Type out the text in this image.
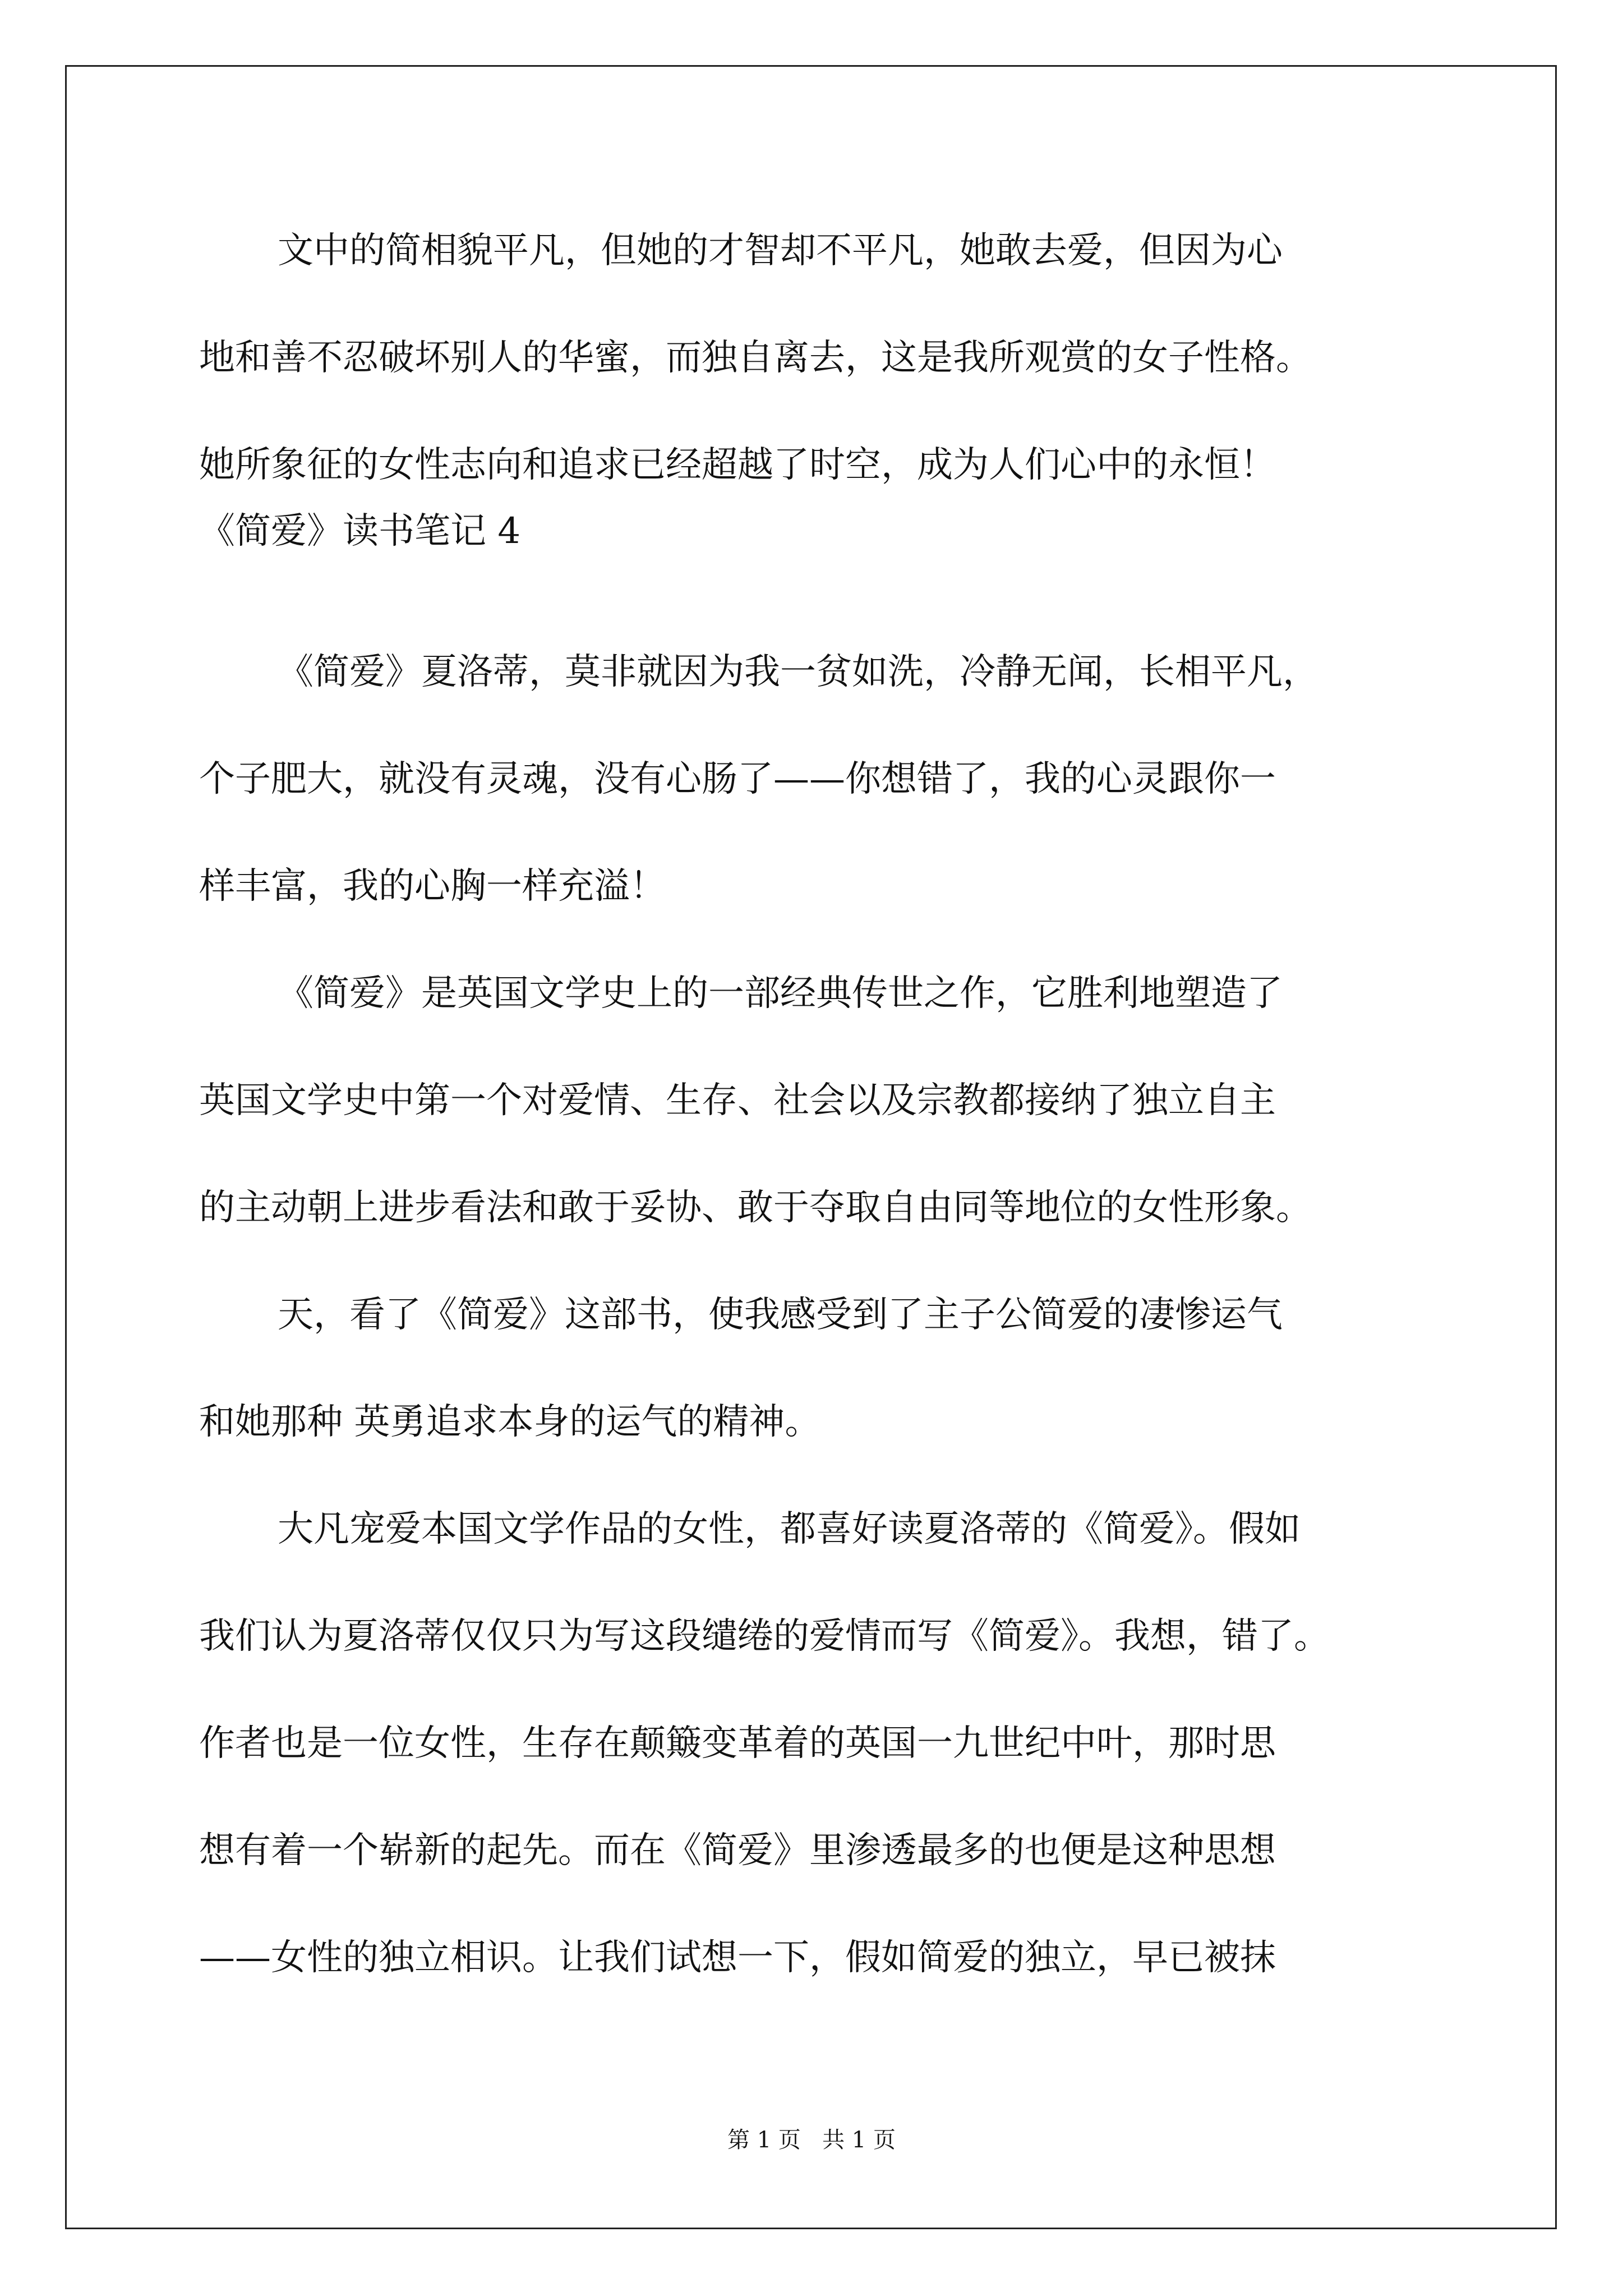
文中的简相貌平凡，但她的才智却不平凡，她敢去爱，但因为心
地和善不忍破坏别人的华蜜，而独自离去，这是我所观赏的女子性格。
她所象征的女性志向和追求已经超越了时空，成为人们心中的永恒！
《简爱》读书笔记 4
《简爱》夏洛蒂，莫非就因为我一贫如洗，冷静无闻，长相平凡，
个子肥大，就没有灵魂，没有心肠了——你想错了，我的心灵跟你一
样丰富，我的心胸一样充溢！
《简爱》是英国文学史上的一部经典传世之作，它胜利地塑造了
英国文学史中第一个对爱情、生存、社会以及宗教都接纳了独立自主
的主动朝上进步看法和敢于妥协、敢于夺取自由同等地位的女性形象。
天，看了《简爱》这部书，使我感受到了主子公简爱的凄惨运气
和她那种 英勇追求本身的运气的精神。
大凡宠爱本国文学作品的女性，都喜好读夏洛蒂的《简爱》。假如
我们认为夏洛蒂仅仅只为写这段缱绻的爱情而写《简爱》。我想，错了。
作者也是一位女性，生存在颠簸变革着的英国一九世纪中叶，那时思
想有着一个崭新的起先。而在《简爱》里渗透最多的也便是这种思想
——女性的独立相识。让我们试想一下，假如简爱的独立，早已被抹
第 1 页   共 1 页
